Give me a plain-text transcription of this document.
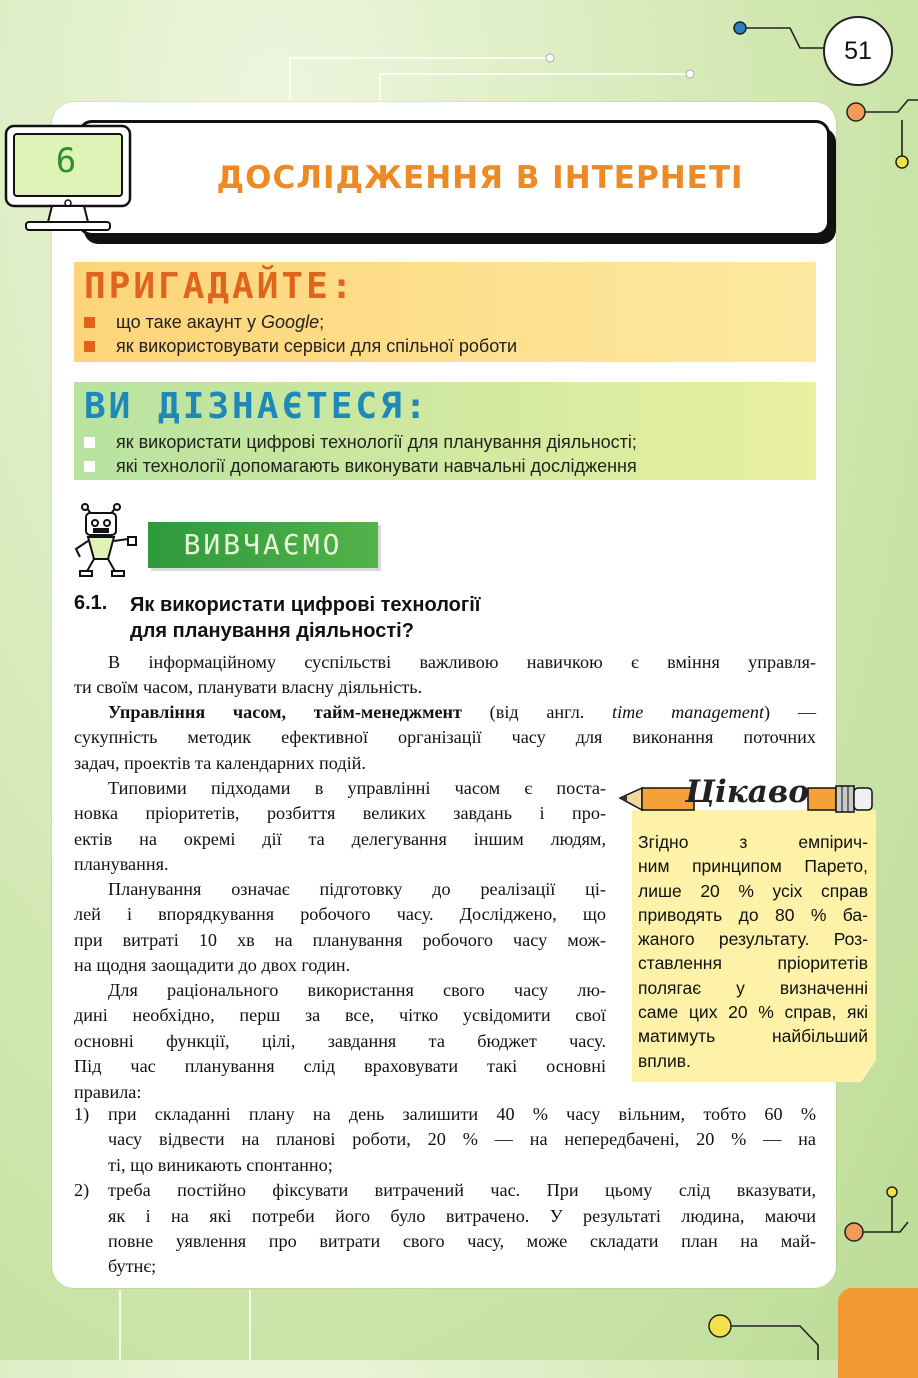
51
ДОСЛІДЖЕННЯ В ІНТЕРНЕТІ
6
ПРИГАДАЙТЕ:
що таке акаунт у Google;
як використовувати сервіси для спільної роботи
ВИ ДІЗНАЄТЕСЯ:
як використати цифрові технології для планування діяльності;
які технології допомагають виконувати навчальні дослідження
ВИВЧАЄМО
6.1. Як використати цифрові технології
для планування діяльності?
В інформаційному суспільстві важливою навичкою є вміння управля-
ти своїм часом, планувати власну діяльність.
Управління часом, тайм-менеджмент (від англ. time management) —
сукупність методик ефективної організації часу для виконання поточних
задач, проектів та календарних подій.
Типовими підходами в управлінні часом є поста-
новка пріоритетів, розбиття великих завдань і про-
ектів на окремі дії та делегування іншим людям,
планування.
Планування означає підготовку до реалізації ці-
лей і впорядкування робочого часу. Досліджено, що
при витраті 10 хв на планування робочого часу мож-
на щодня заощадити до двох годин.
Для раціонального використання свого часу лю-
дині необхідно, перш за все, чітко усвідомити свої
основні функції, цілі, завдання та бюджет часу.
Під час планування слід враховувати такі основні
правила:
1) при складанні плану на день залишити 40 % часу вільним, тобто 60 %
часу відвести на планові роботи, 20 % — на непередбачені, 20 % — на
ті, що виникають спонтанно;
2) треба постійно фіксувати витрачений час. При цьому слід вказувати,
як і на які потреби його було витрачено. У результаті людина, маючи
повне уявлення про витрати свого часу, може складати план на май-
бутнє;
Цікаво
Згідно з емпірич-
ним принципом Парето,
лише 20 % усіх справ
приводять до 80 % ба-
жаного результату. Роз-
ставлення пріоритетів
полягає у визначенні
саме цих 20 % справ, які
матимуть найбільший
вплив.
